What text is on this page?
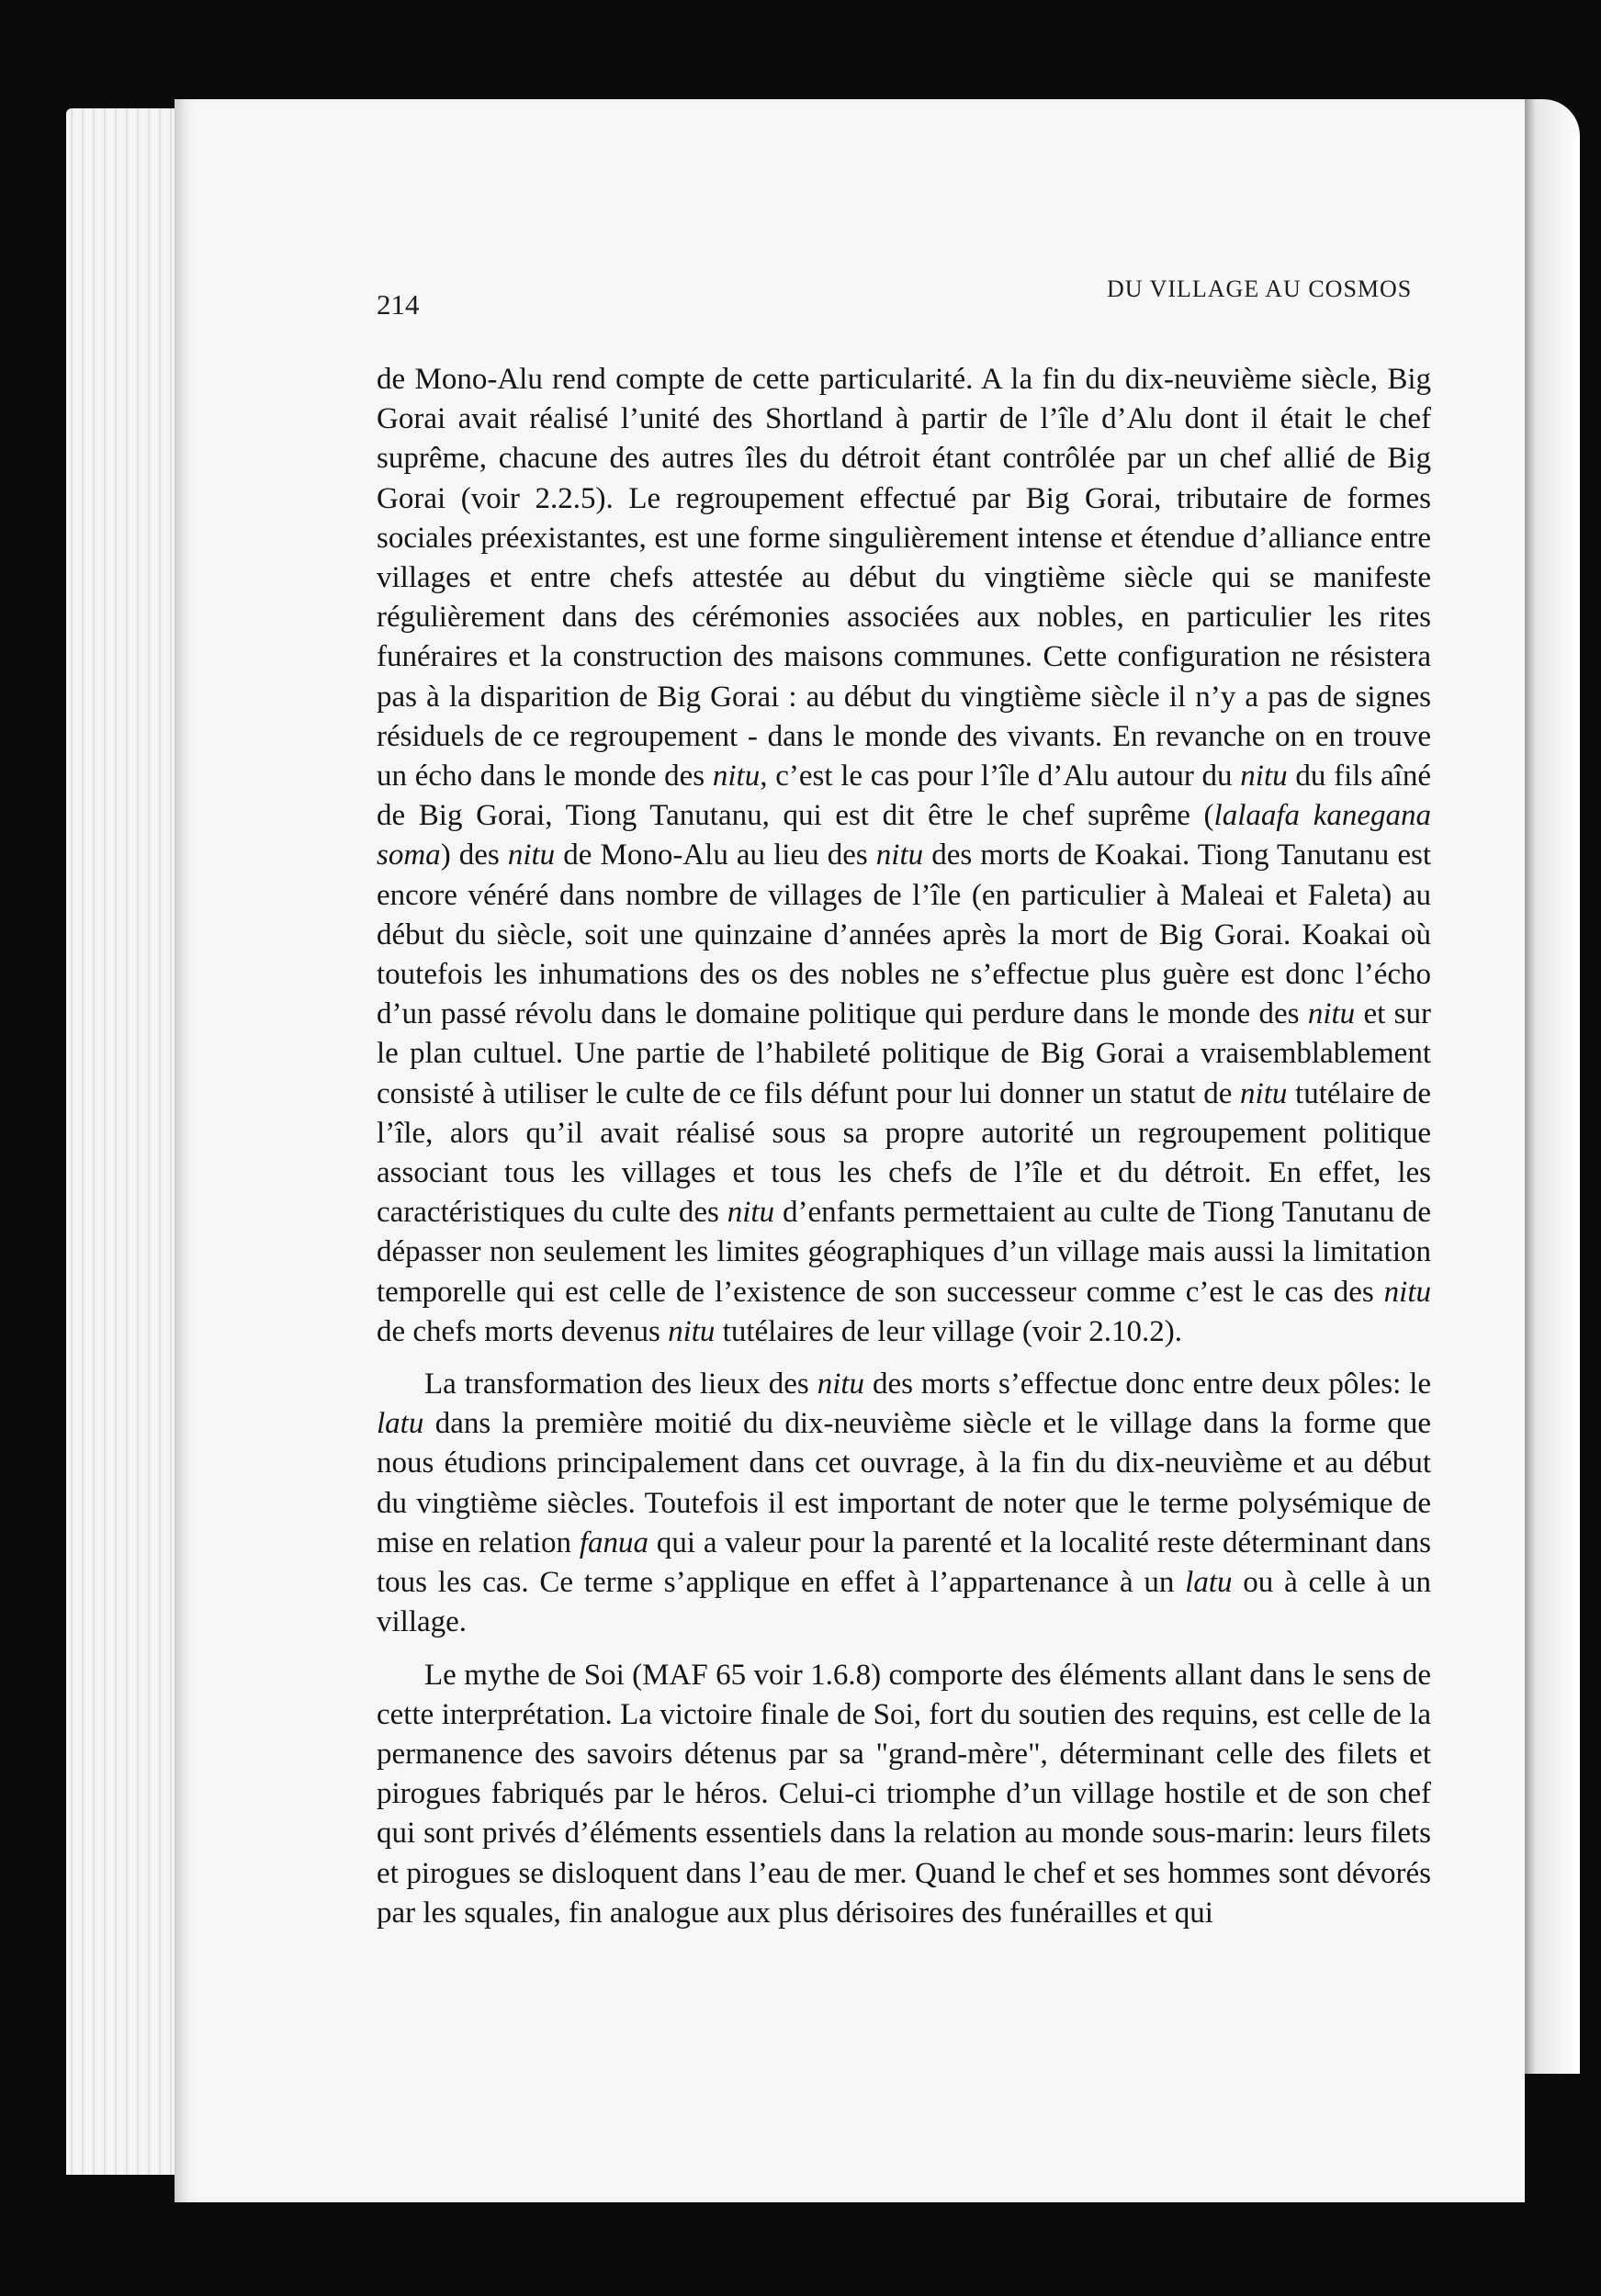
214	DU VILLAGE AU COSMOS

de Mono-Alu rend compte de cette particularité. A la fin du dix-neuvième siècle, Big Gorai avait réalisé l’unité des Shortland à partir de l’île d’Alu dont il était le chef suprême, chacune des autres îles du détroit étant contrôlée par un chef allié de Big Gorai (voir 2.2.5). Le regroupement effectué par Big Gorai, tributaire de formes sociales préexistantes, est une forme singulièrement intense et étendue d’alliance entre villages et entre chefs attestée au début du vingtième siècle qui se manifeste régulièrement dans des cérémonies associées aux nobles, en particulier les rites funéraires et la construction des maisons communes. Cette configuration ne résistera pas à la disparition de Big Gorai : au début du vingtième siècle il n’y a pas de signes résiduels de ce regroupement - dans le monde des vivants. En revanche on en trouve un écho dans le monde des nitu, c’est le cas pour l’île d’Alu autour du nitu du fils aîné de Big Gorai, Tiong Tanutanu, qui est dit être le chef suprême (lalaafa kanegana soma) des nitu de Mono-Alu au lieu des nitu des morts de Koakai. Tiong Tanutanu est encore vénéré dans nombre de villages de l’île (en particulier à Maleai et Faleta) au début du siècle, soit une quinzaine d’années après la mort de Big Gorai. Koakai où toutefois les inhumations des os des nobles ne s’effectue plus guère est donc l’écho d’un passé révolu dans le domaine politique qui perdure dans le monde des nitu et sur le plan cultuel. Une partie de l’habileté politique de Big Gorai a vraisemblablement consisté à utiliser le culte de ce fils défunt pour lui donner un statut de nitu tutélaire de l’île, alors qu’il avait réalisé sous sa propre autorité un regroupement politique associant tous les villages et tous les chefs de l’île et du détroit. En effet, les caractéristiques du culte des nitu d’enfants permettaient au culte de Tiong Tanutanu de dépasser non seulement les limites géographiques d’un village mais aussi la limitation temporelle qui est celle de l’existence de son successeur comme c’est le cas des nitu de chefs morts devenus nitu tutélaires de leur village (voir 2.10.2).

La transformation des lieux des nitu des morts s’effectue donc entre deux pôles: le latu dans la première moitié du dix-neuvième siècle et le village dans la forme que nous étudions principalement dans cet ouvrage, à la fin du dix-neuvième et au début du vingtième siècles. Toutefois il est important de noter que le terme polysémique de mise en relation fanua qui a valeur pour la parenté et la localité reste déterminant dans tous les cas. Ce terme s’applique en effet à l’appartenance à un latu ou à celle à un village.

Le mythe de Soi (MAF 65 voir 1.6.8) comporte des éléments allant dans le sens de cette interprétation. La victoire finale de Soi, fort du soutien des requins, est celle de la permanence des savoirs détenus par sa "grand-mère", déterminant celle des filets et pirogues fabriqués par le héros. Celui-ci triomphe d’un village hostile et de son chef qui sont privés d’éléments essentiels dans la relation au monde sous-marin: leurs filets et pirogues se disloquent dans l’eau de mer. Quand le chef et ses hommes sont dévorés par les squales, fin analogue aux plus dérisoires des funérailles et qui
